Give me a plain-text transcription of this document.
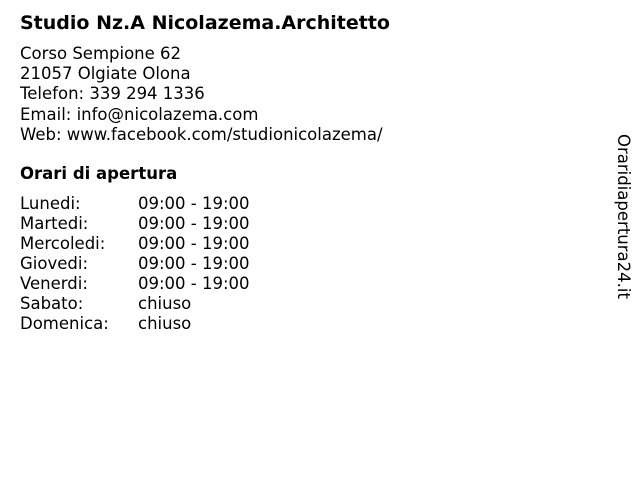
Studio Nz.A Nicolazema.Architetto
Corso Sempione 62
21057 Olgiate Olona
Telefon: 339 294 1336
Email: info@nicolazema.com
Web: www.facebook.com/studionicolazema/
Orari di apertura
Lunedi:	09:00 - 19:00
Martedi:	09:00 - 19:00
Mercoledi: 09:00 - 19:00
Giovedi:	09:00 - 19:00
Venerdi:	09:00 - 19:00
Sabato:	chiuso
Domenica: chiuso
Oraridiapertura24.it
